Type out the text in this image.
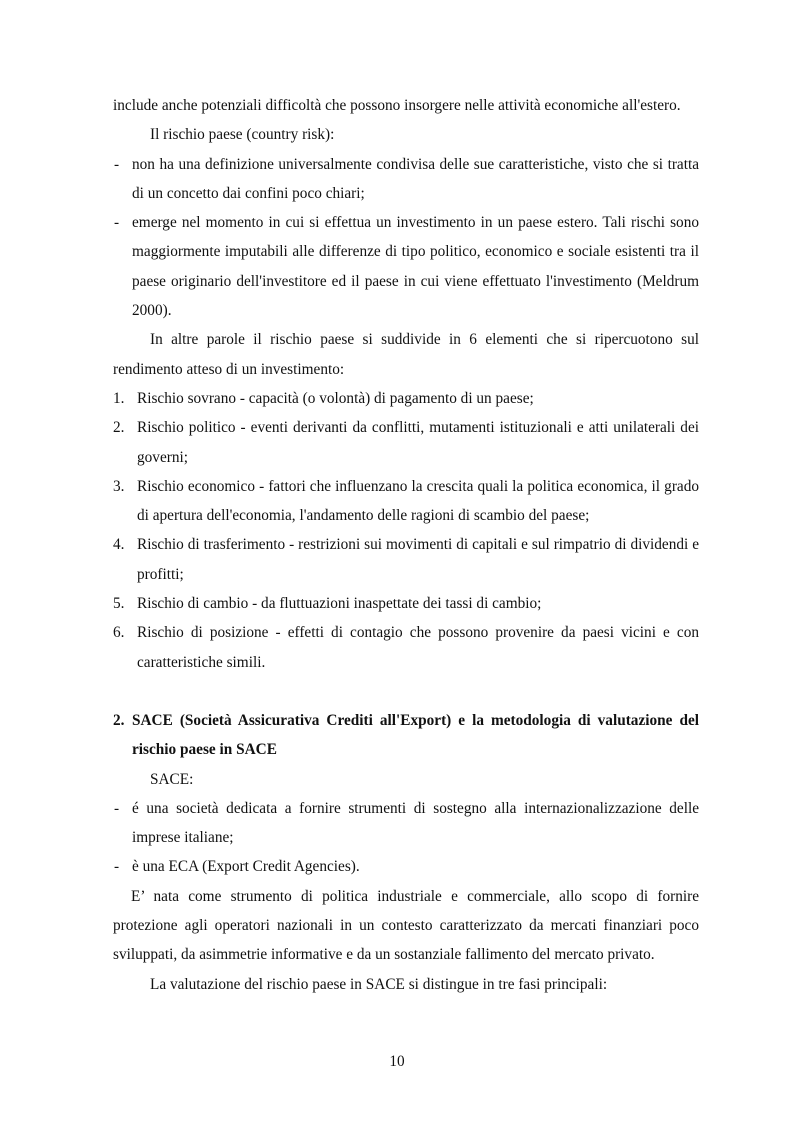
include anche potenziali difficoltà che possono insorgere nelle attività economiche all'estero.

Il rischio paese (country risk):

- non ha una definizione universalmente condivisa delle sue caratteristiche, visto che si tratta di un concetto dai confini poco chiari;
- emerge nel momento in cui si effettua un investimento in un paese estero. Tali rischi sono maggiormente imputabili alle differenze di tipo politico, economico e sociale esistenti tra il paese originario dell'investitore ed il paese in cui viene effettuato l'investimento (Meldrum 2000).

In altre parole il rischio paese si suddivide in 6 elementi che si ripercuotono sul rendimento atteso di un investimento:

1. Rischio sovrano - capacità (o volontà) di pagamento di un paese;
2. Rischio politico - eventi derivanti da conflitti, mutamenti istituzionali e atti unilaterali dei governi;
3. Rischio economico - fattori che influenzano la crescita quali la politica economica, il grado di apertura dell'economia, l'andamento delle ragioni di scambio del paese;
4. Rischio di trasferimento - restrizioni sui movimenti di capitali e sul rimpatrio di dividendi e profitti;
5. Rischio di cambio - da fluttuazioni inaspettate dei tassi di cambio;
6. Rischio di posizione - effetti di contagio che possono provenire da paesi vicini e con caratteristiche simili.
2. SACE (Società Assicurativa Crediti all'Export) e la metodologia di valutazione del rischio paese in SACE

SACE:

- é una società dedicata a fornire strumenti di sostegno alla internazionalizzazione delle imprese italiane;
- è una ECA (Export Credit Agencies).

E’ nata come strumento di politica industriale e commerciale, allo scopo di fornire protezione agli operatori nazionali in un contesto caratterizzato da mercati finanziari poco sviluppati, da asimmetrie informative e da un sostanziale fallimento del mercato privato.

La valutazione del rischio paese in SACE si distingue in tre fasi principali:

10
